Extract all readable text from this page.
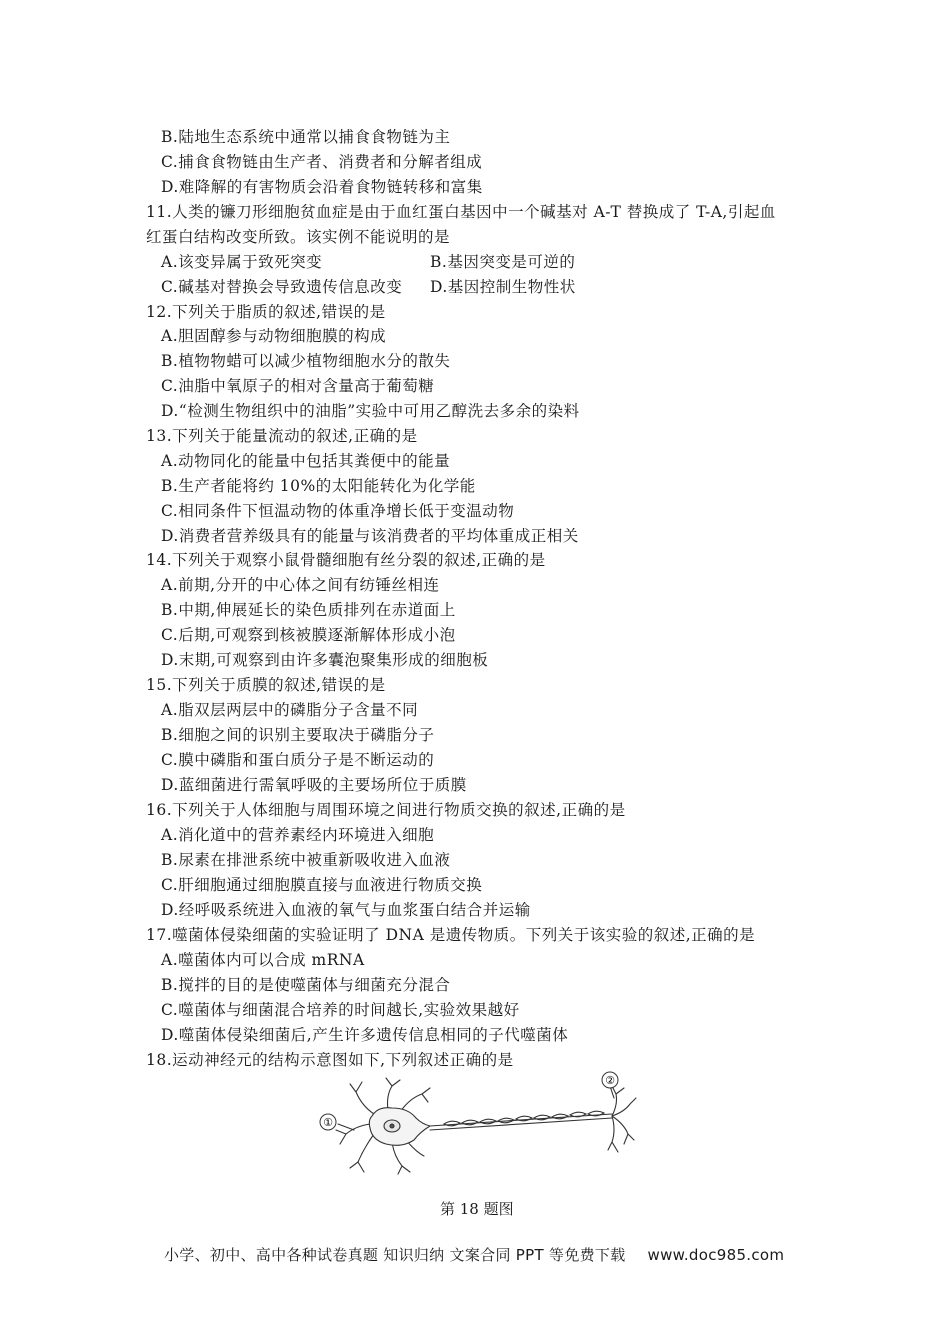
B.陆地生态系统中通常以捕食食物链为主
C.捕食食物链由生产者、消费者和分解者组成
D.难降解的有害物质会沿着食物链转移和富集
11.人类的镰刀形细胞贫血症是由于血红蛋白基因中一个碱基对 A-T 替换成了 T-A,引起血
红蛋白结构改变所致。该实例不能说明的是
A.该变异属于致死突变	B.基因突变是可逆的
C.碱基对替换会导致遗传信息改变 D.基因控制生物性状
12.下列关于脂质的叙述,错误的是
A.胆固醇参与动物细胞膜的构成
B.植物物蜡可以减少植物细胞水分的散失
C.油脂中氧原子的相对含量高于葡萄糖
D.“检测生物组织中的油脂”实验中可用乙醇洗去多余的染料
13.下列关于能量流动的叙述,正确的是
A.动物同化的能量中包括其粪便中的能量
B.生产者能将约 10%的太阳能转化为化学能
C.相同条件下恒温动物的体重净增长低于变温动物
D.消费者营养级具有的能量与该消费者的平均体重成正相关
14.下列关于观察小鼠骨髓细胞有丝分裂的叙述,正确的是
A.前期,分开的中心体之间有纺锤丝相连
B.中期,伸展延长的染色质排列在赤道面上
C.后期,可观察到核被膜逐渐解体形成小泡
D.末期,可观察到由许多囊泡聚集形成的细胞板
15.下列关于质膜的叙述,错误的是
A.脂双层两层中的磷脂分子含量不同
B.细胞之间的识别主要取决于磷脂分子
C.膜中磷脂和蛋白质分子是不断运动的
D.蓝细菌进行需氧呼吸的主要场所位于质膜
16.下列关于人体细胞与周围环境之间进行物质交换的叙述,正确的是
A.消化道中的营养素经内环境进入细胞
B.尿素在排泄系统中被重新吸收进入血液
C.肝细胞通过细胞膜直接与血液进行物质交换
D.经呼吸系统进入血液的氧气与血浆蛋白结合并运输
17.噬菌体侵染细菌的实验证明了 DNA 是遗传物质。下列关于该实验的叙述,正确的是
A.噬菌体内可以合成 mRNA
B.搅拌的目的是使噬菌体与细菌充分混合
C.噬菌体与细菌混合培养的时间越长,实验效果越好
D.噬菌体侵染细菌后,产生许多遗传信息相同的子代噬菌体
18.运动神经元的结构示意图如下,下列叙述正确的是
①
②
第 18 题图
小学、初中、高中各种试卷真题 知识归纳 文案合同 PPT 等免费下载 www.doc985.com
